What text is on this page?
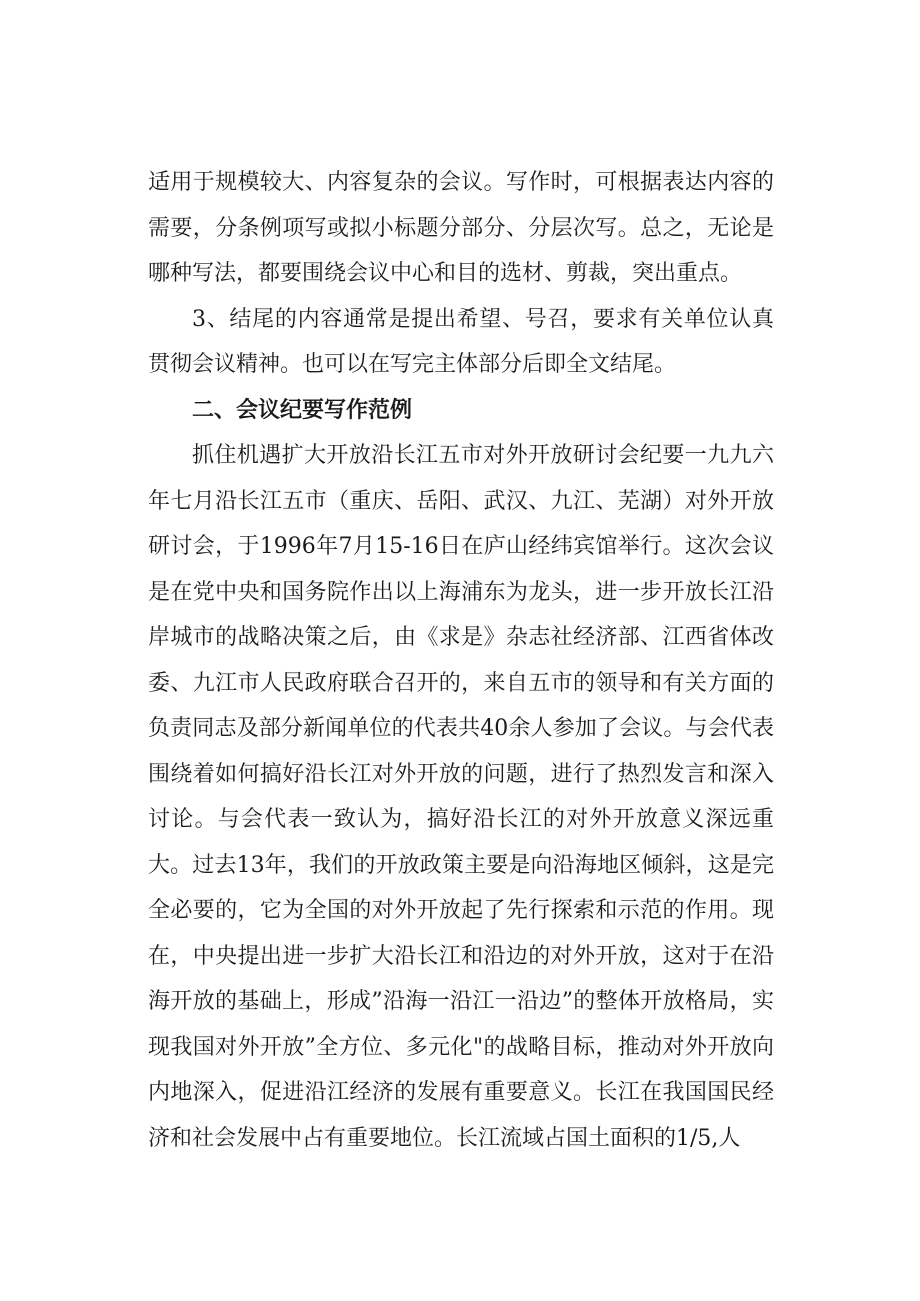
适用于规模较大、内容复杂的会议。写作时，可根据表达内容的需要，分条例项写或拟小标题分部分、分层次写。总之，无论是哪种写法，都要围绕会议中心和目的选材、剪裁，突出重点。

3、结尾的内容通常是提出希望、号召，要求有关单位认真贯彻会议精神。也可以在写完主体部分后即全文结尾。

二、会议纪要写作范例

抓住机遇扩大开放沿长江五市对外开放研讨会纪要一九九六年七月沿长江五市（重庆、岳阳、武汉、九江、芜湖）对外开放研讨会，于1996年7月15-16日在庐山经纬宾馆举行。这次会议是在党中央和国务院作出以上海浦东为龙头，进一步开放长江沿岸城市的战略决策之后，由《求是》杂志社经济部、江西省体改委、九江市人民政府联合召开的，来自五市的领导和有关方面的负责同志及部分新闻单位的代表共40余人参加了会议。与会代表围绕着如何搞好沿长江对外开放的问题，进行了热烈发言和深入讨论。与会代表一致认为，搞好沿长江的对外开放意义深远重大。过去13年，我们的开放政策主要是向沿海地区倾斜，这是完全必要的，它为全国的对外开放起了先行探索和示范的作用。现在，中央提出进一步扩大沿长江和沿边的对外开放，这对于在沿海开放的基础上，形成”沿海一沿江一沿边”的整体开放格局，实现我国对外开放”全方位、多元化"的战略目标，推动对外开放向内地深入，促进沿江经济的发展有重要意义。长江在我国国民经济和社会发展中占有重要地位。长江流域占国土面积的1/5,人
